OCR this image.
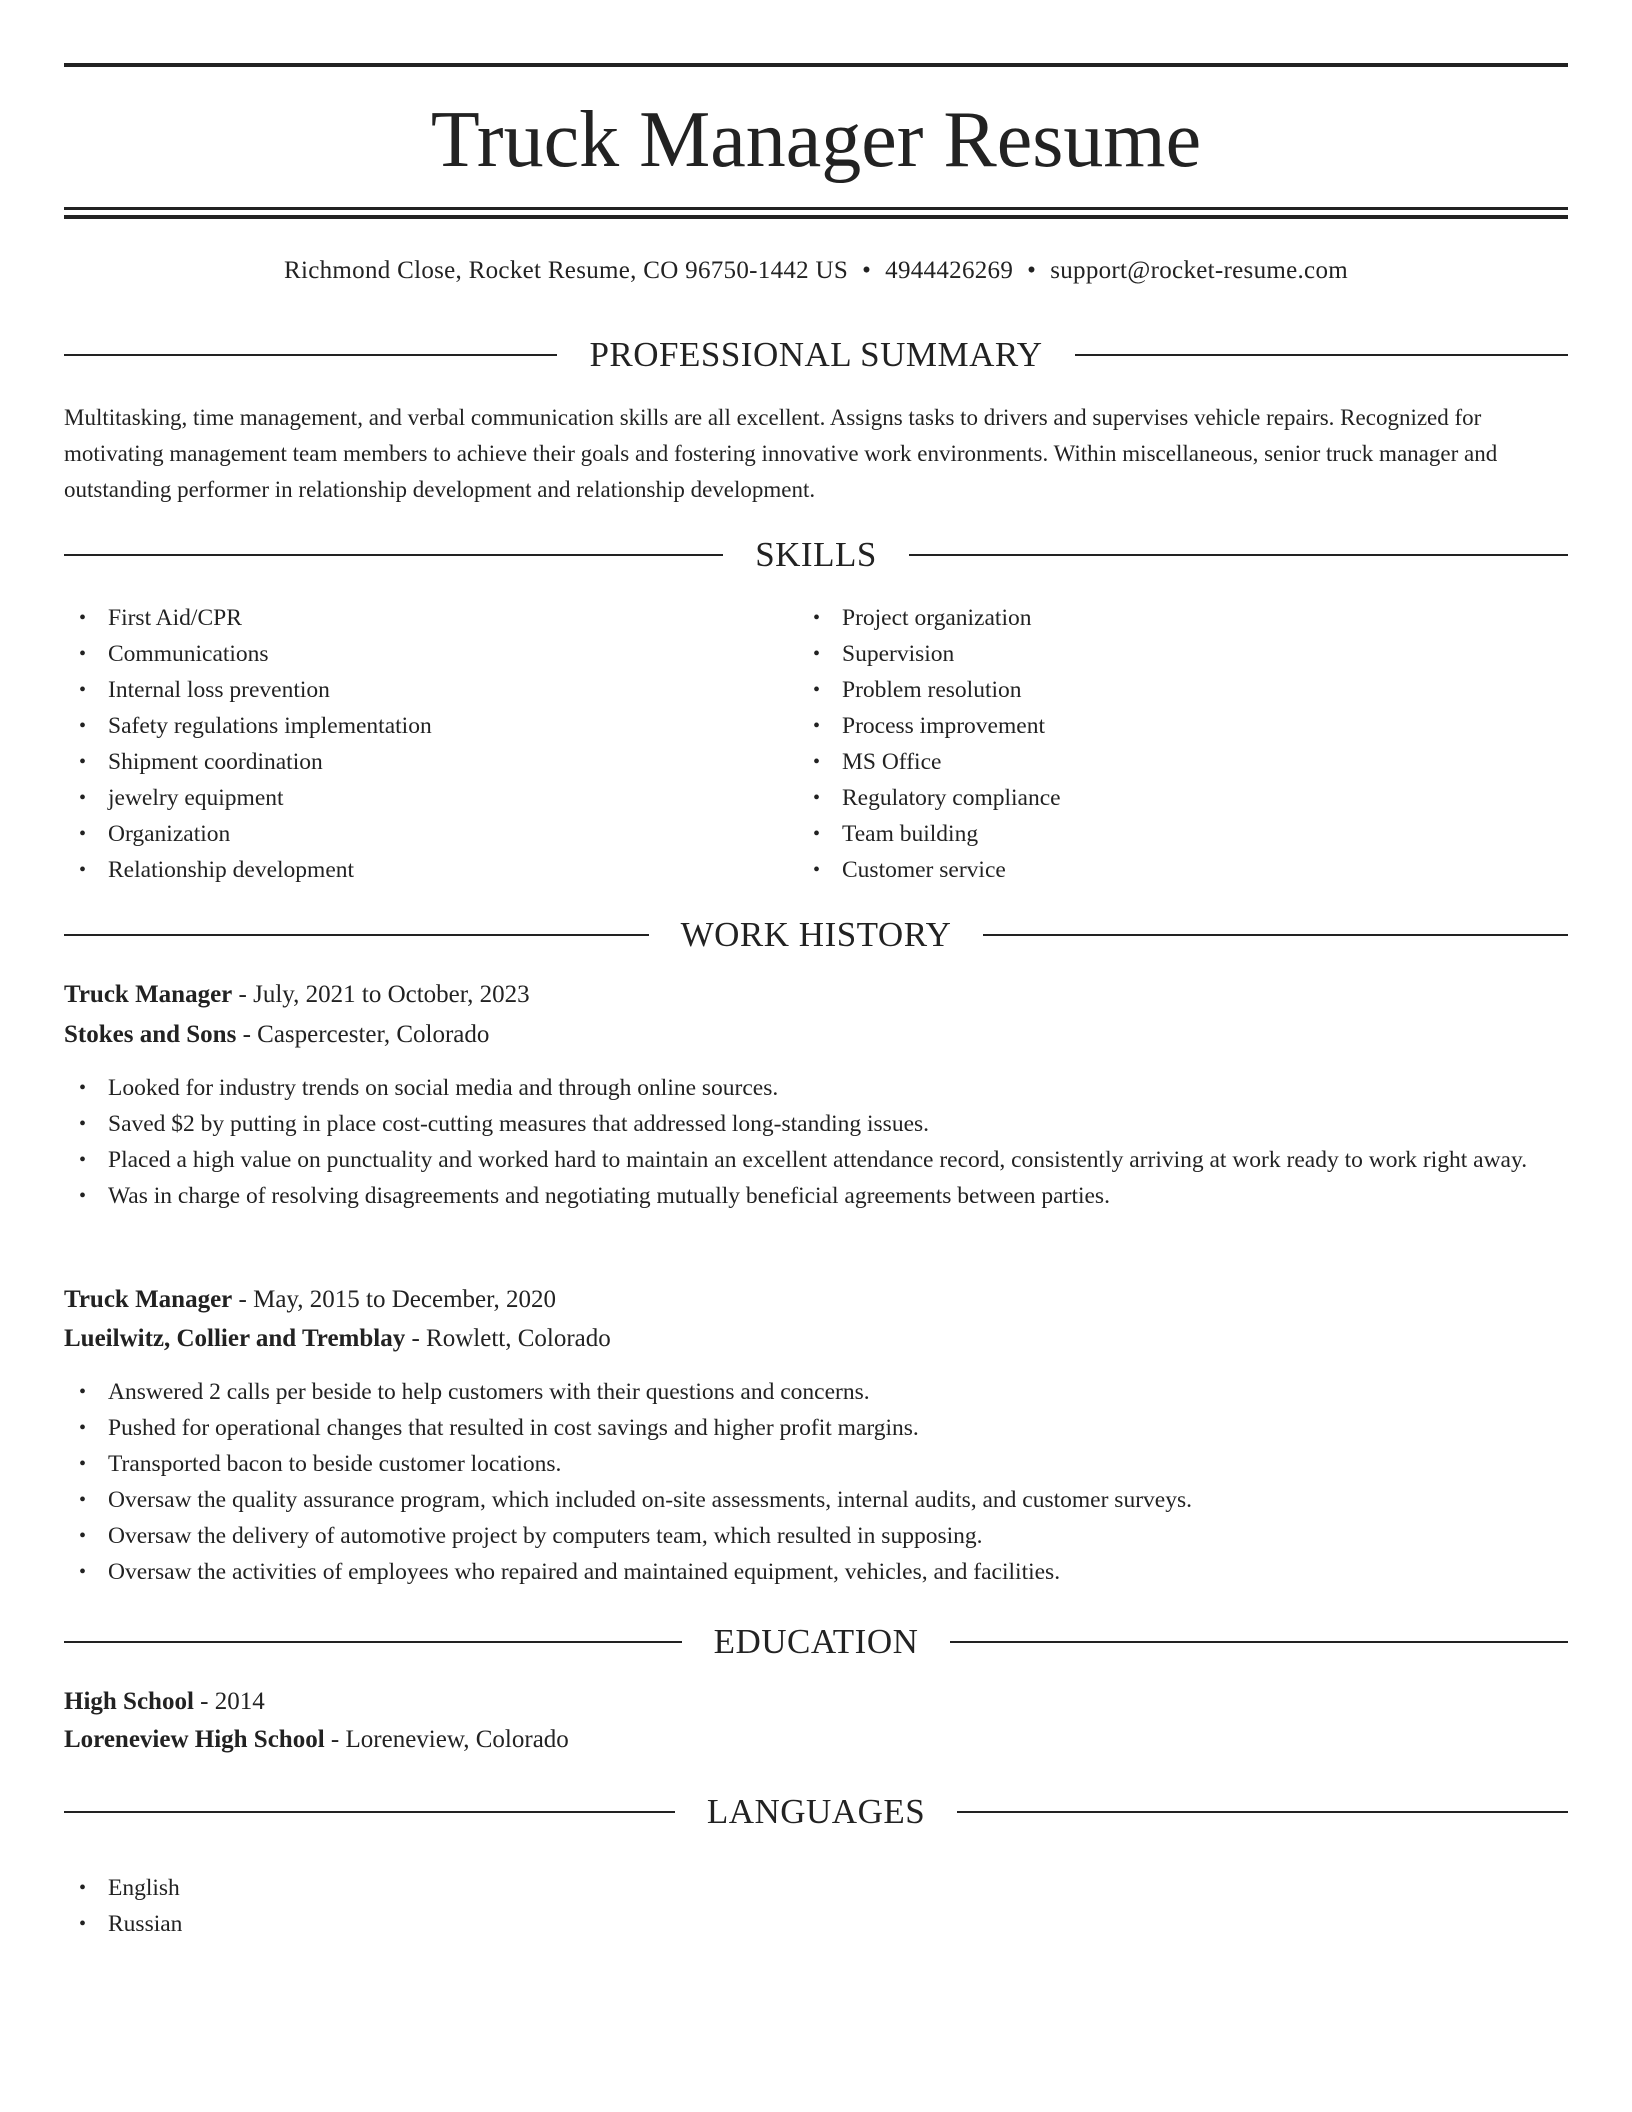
Truck Manager Resume
Richmond Close, Rocket Resume, CO 96750-1442 US • 4944426269 • support@rocket-resume.com
PROFESSIONAL SUMMARY

Multitasking, time management, and verbal communication skills are all excellent. Assigns tasks to drivers and supervises vehicle repairs. Recognized for motivating management team members to achieve their goals and fostering innovative work environments. Within miscellaneous, senior truck manager and outstanding performer in relationship development and relationship development.

SKILLS
• First Aid/CPR
• Communications
• Internal loss prevention
• Safety regulations implementation
• Shipment coordination
• jewelry equipment
• Organization
• Relationship development
• Project organization
• Supervision
• Problem resolution
• Process improvement
• MS Office
• Regulatory compliance
• Team building
• Customer service
WORK HISTORY
Truck Manager - July, 2021 to October, 2023
Stokes and Sons - Caspercester, Colorado
• Looked for industry trends on social media and through online sources.
• Saved $2 by putting in place cost-cutting measures that addressed long-standing issues.
• Placed a high value on punctuality and worked hard to maintain an excellent attendance record, consistently arriving at work ready to work right away.
• Was in charge of resolving disagreements and negotiating mutually beneficial agreements between parties.
Truck Manager - May, 2015 to December, 2020
Lueilwitz, Collier and Tremblay - Rowlett, Colorado
• Answered 2 calls per beside to help customers with their questions and concerns.
• Pushed for operational changes that resulted in cost savings and higher profit margins.
• Transported bacon to beside customer locations.
• Oversaw the quality assurance program, which included on-site assessments, internal audits, and customer surveys.
• Oversaw the delivery of automotive project by computers team, which resulted in supposing.
• Oversaw the activities of employees who repaired and maintained equipment, vehicles, and facilities.
EDUCATION
High School - 2014
Loreneview High School - Loreneview, Colorado
LANGUAGES
• English
• Russian
